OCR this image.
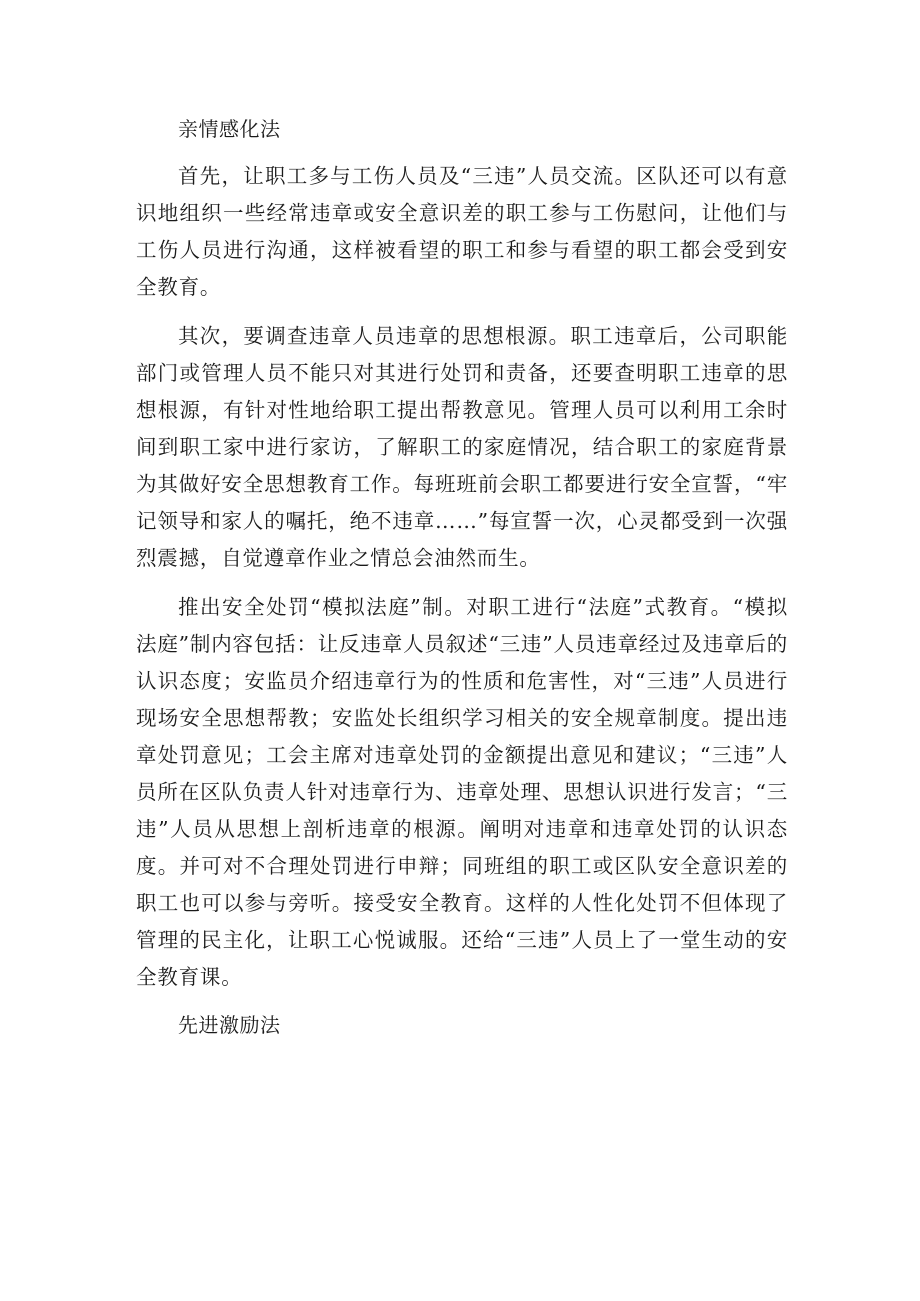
亲情感化法

首先，让职工多与工伤人员及“三违”人员交流。区队还可以有意识地组织一些经常违章或安全意识差的职工参与工伤慰问，让他们与工伤人员进行沟通，这样被看望的职工和参与看望的职工都会受到安全教育。

其次，要调查违章人员违章的思想根源。职工违章后，公司职能部门或管理人员不能只对其进行处罚和责备，还要查明职工违章的思想根源，有针对性地给职工提出帮教意见。管理人员可以利用工余时间到职工家中进行家访，了解职工的家庭情况，结合职工的家庭背景为其做好安全思想教育工作。每班班前会职工都要进行安全宣誓，“牢记领导和家人的嘱托，绝不违章……”每宣誓一次，心灵都受到一次强烈震撼，自觉遵章作业之情总会油然而生。

推出安全处罚“模拟法庭”制。对职工进行“法庭”式教育。“模拟法庭”制内容包括：让反违章人员叙述“三违”人员违章经过及违章后的认识态度；安监员介绍违章行为的性质和危害性，对“三违”人员进行现场安全思想帮教；安监处长组织学习相关的安全规章制度。提出违章处罚意见；工会主席对违章处罚的金额提出意见和建议；“三违”人员所在区队负责人针对违章行为、违章处理、思想认识进行发言；“三违”人员从思想上剖析违章的根源。阐明对违章和违章处罚的认识态度。并可对不合理处罚进行申辩；同班组的职工或区队安全意识差的职工也可以参与旁听。接受安全教育。这样的人性化处罚不但体现了管理的民主化，让职工心悦诚服。还给“三违”人员上了一堂生动的安全教育课。

先进激励法
